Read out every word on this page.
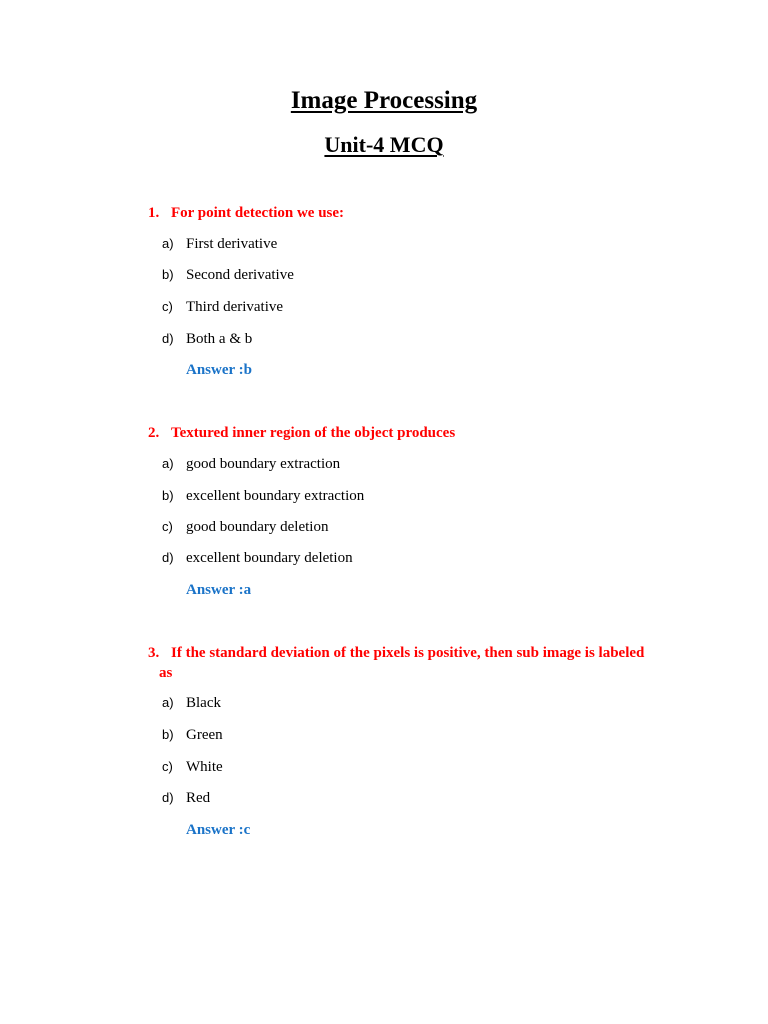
Image Processing
Unit-4 MCQ
1. For point detection we use:
a) First derivative
b) Second derivative
c) Third derivative
d) Both a & b
Answer :b
2. Textured inner region of the object produces
a) good boundary extraction
b) excellent boundary extraction
c) good boundary deletion
d) excellent boundary deletion
Answer :a
3. If the standard deviation of the pixels is positive, then sub image is labeled
as
a) Black
b) Green
c) White
d) Red
Answer :c
